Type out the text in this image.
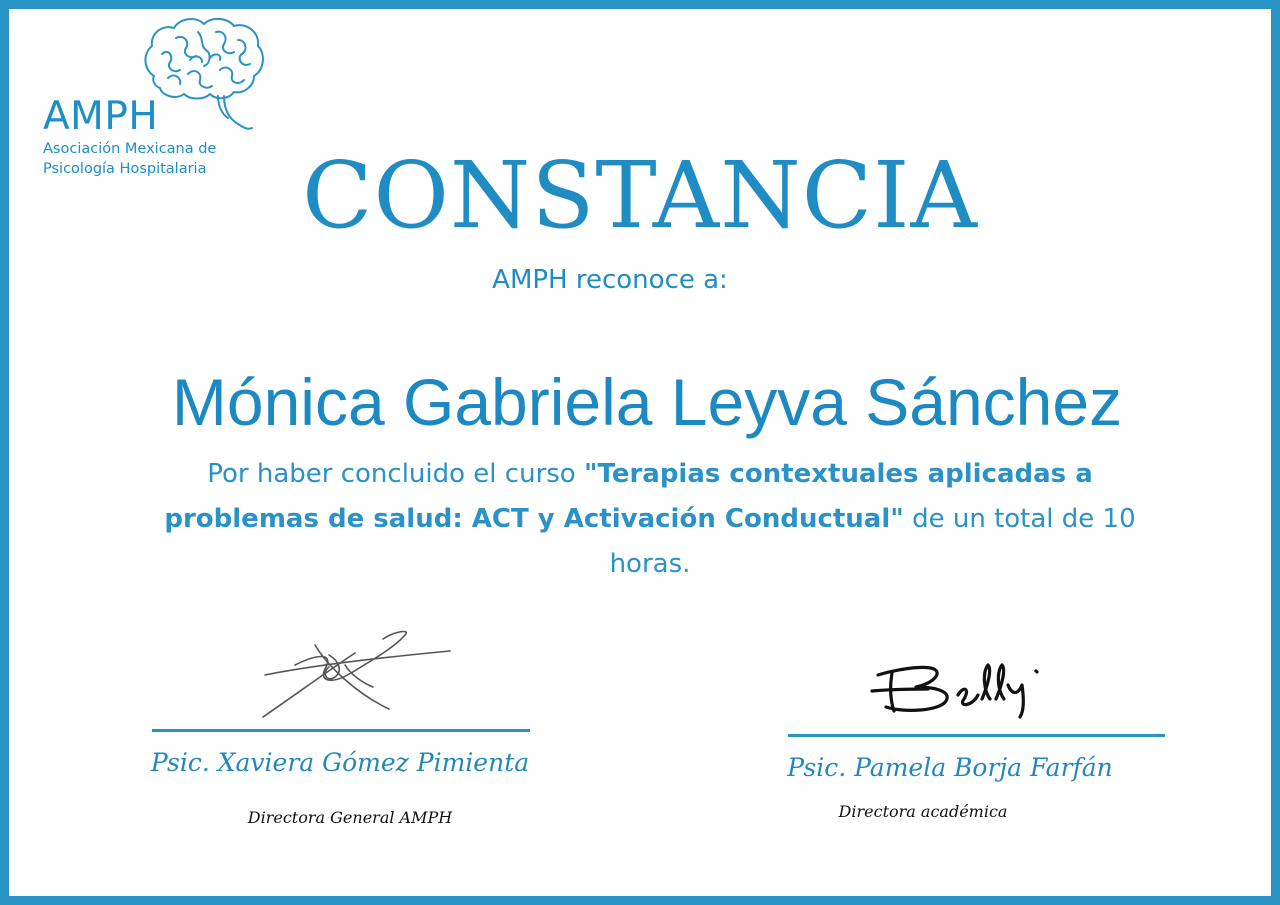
AMPH
Asociación Mexicana de
Psicología Hospitalaria	CONSTANCIA
AMPH reconoce a:
Mónica Gabriela Leyva Sánchez
Por haber concluido el curso "Terapias contextuales aplicadas a problemas de salud: ACT y Activación Conductual" de un total de 10 horas.
Psic. Xaviera Gómez Pimienta
Directora General AMPH
Psic. Pamela Borja Farfán
Directora académica
